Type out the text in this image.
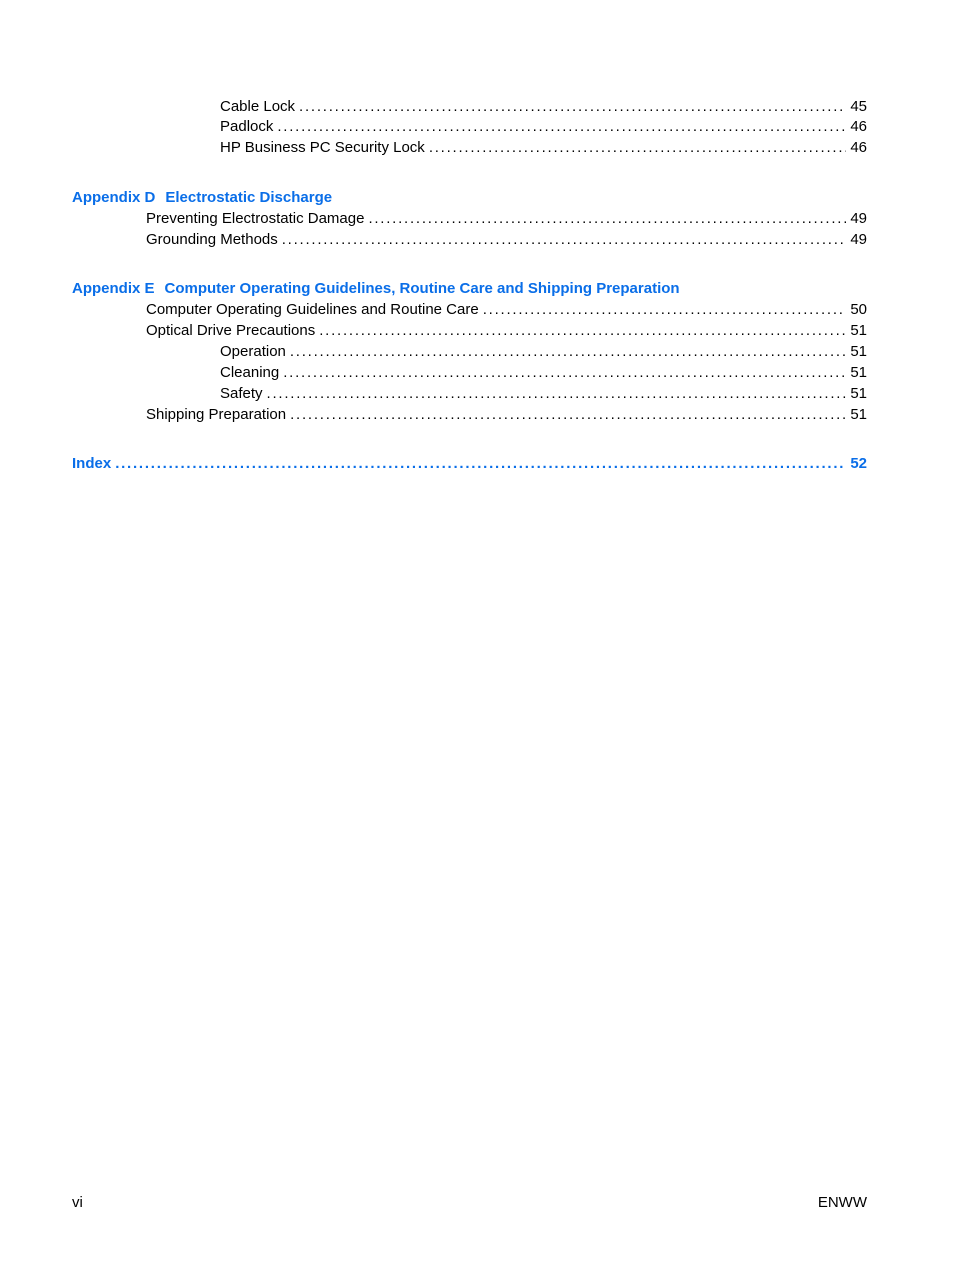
Cable Lock . . .	45
Padlock . . .	46
HP Business PC Security Lock . . .	46
Appendix D Electrostatic Discharge
Preventing Electrostatic Damage . . .	49
Grounding Methods . . .	49
Appendix E Computer Operating Guidelines, Routine Care and Shipping Preparation
Computer Operating Guidelines and Routine Care . . .	50
Optical Drive Precautions . . .	51
Operation . . .	51
Cleaning . . .	51
Safety . . .	51
Shipping Preparation . . .	51
Index . . .	52
vi	ENWW
